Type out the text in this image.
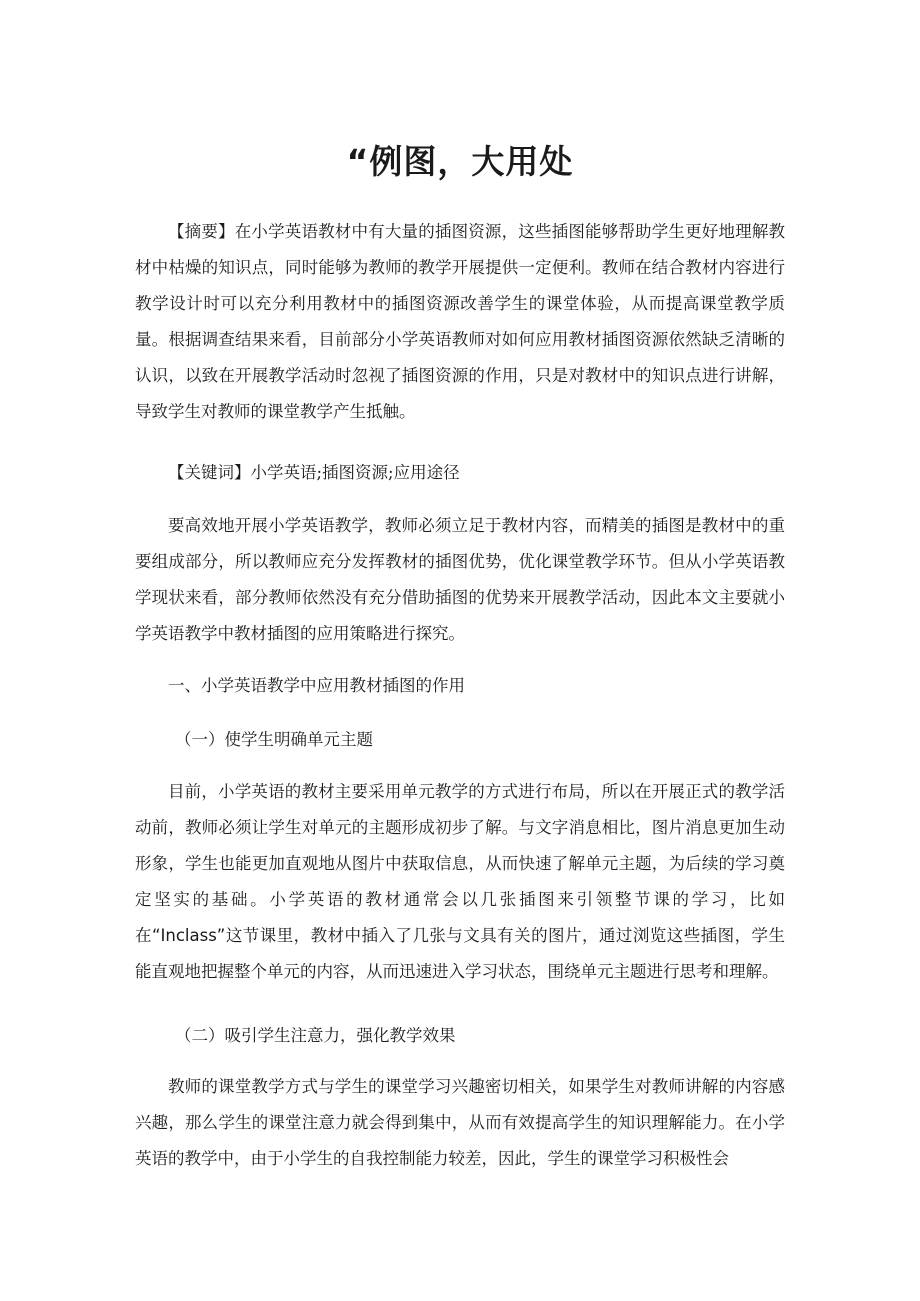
“例图，大用处

【摘要】在小学英语教材中有大量的插图资源，这些插图能够帮助学生更好地理解教材中枯燥的知识点，同时能够为教师的教学开展提供一定便利。教师在结合教材内容进行教学设计时可以充分利用教材中的插图资源改善学生的课堂体验，从而提高课堂教学质量。根据调查结果来看，目前部分小学英语教师对如何应用教材插图资源依然缺乏清晰的认识，以致在开展教学活动时忽视了插图资源的作用，只是对教材中的知识点进行讲解，导致学生对教师的课堂教学产生抵触。

【关键词】小学英语;插图资源;应用途径

要高效地开展小学英语教学，教师必须立足于教材内容，而精美的插图是教材中的重要组成部分，所以教师应充分发挥教材的插图优势，优化课堂教学环节。但从小学英语教学现状来看，部分教师依然没有充分借助插图的优势来开展教学活动，因此本文主要就小学英语教学中教材插图的应用策略进行探究。

一、小学英语教学中应用教材插图的作用

（一）使学生明确单元主题

目前，小学英语的教材主要采用单元教学的方式进行布局，所以在开展正式的教学活动前，教师必须让学生对单元的主题形成初步了解。与文字消息相比，图片消息更加生动形象，学生也能更加直观地从图片中获取信息，从而快速了解单元主题，为后续的学习奠定坚实的基础。小学英语的教材通常会以几张插图来引领整节课的学习，比如在“Inclass”这节课里，教材中插入了几张与文具有关的图片，通过浏览这些插图，学生能直观地把握整个单元的内容，从而迅速进入学习状态，围绕单元主题进行思考和理解。

（二）吸引学生注意力，强化教学效果

教师的课堂教学方式与学生的课堂学习兴趣密切相关，如果学生对教师讲解的内容感兴趣，那么学生的课堂注意力就会得到集中，从而有效提高学生的知识理解能力。在小学英语的教学中，由于小学生的自我控制能力较差，因此，学生的课堂学习积极性会
